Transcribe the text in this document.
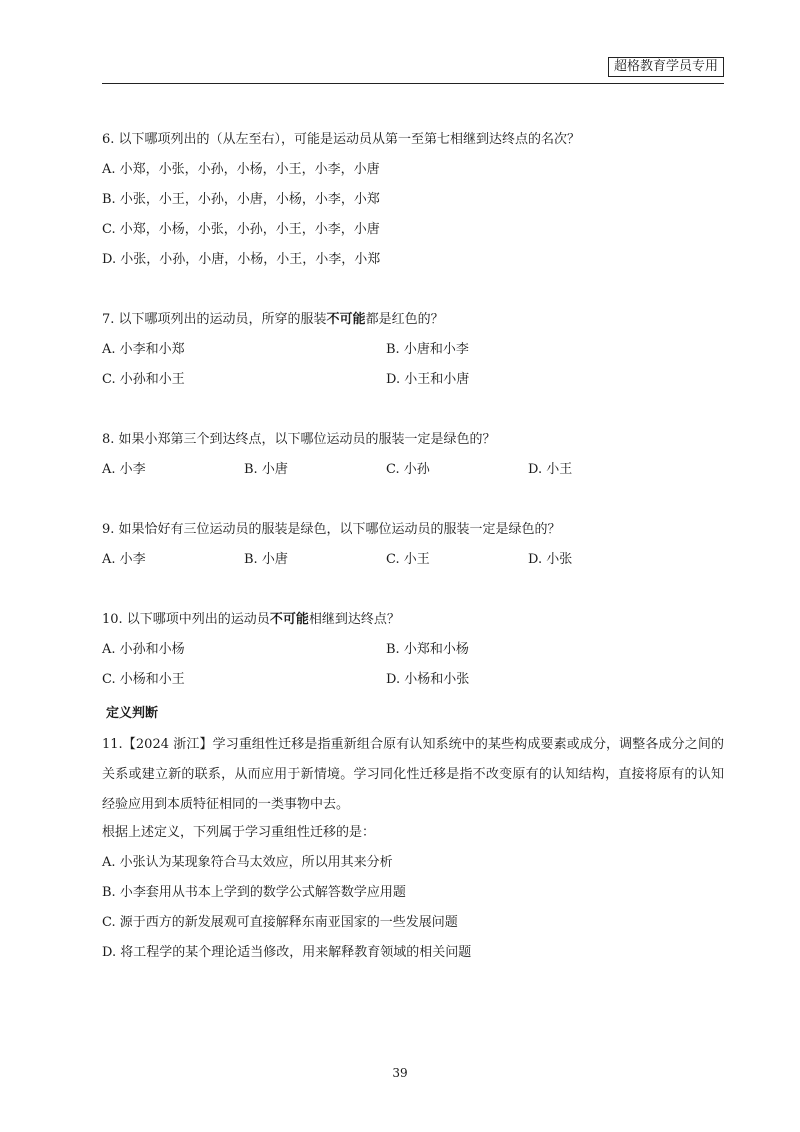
超格教育学员专用
6. 以下哪项列出的（从左至右），可能是运动员从第一至第七相继到达终点的名次？
A. 小郑，小张，小孙，小杨，小王，小李，小唐
B. 小张，小王，小孙，小唐，小杨，小李，小郑
C. 小郑，小杨，小张，小孙，小王，小李，小唐
D. 小张，小孙，小唐，小杨，小王，小李，小郑
7. 以下哪项列出的运动员，所穿的服装不可能都是红色的？
A. 小李和小郑	B. 小唐和小李
C. 小孙和小王	D. 小王和小唐
8. 如果小郑第三个到达终点，以下哪位运动员的服装一定是绿色的？
A. 小李	B. 小唐	C. 小孙	D. 小王
9. 如果恰好有三位运动员的服装是绿色，以下哪位运动员的服装一定是绿色的？
A. 小李	B. 小唐	C. 小王	D. 小张
10. 以下哪项中列出的运动员不可能相继到达终点？
A. 小孙和小杨	B. 小郑和小杨
C. 小杨和小王	D. 小杨和小张
定义判断
11.【2024 浙江】学习重组性迁移是指重新组合原有认知系统中的某些构成要素或成分，调整各成分之间的关系或建立新的联系，从而应用于新情境。学习同化性迁移是指不改变原有的认知结构，直接将原有的认知经验应用到本质特征相同的一类事物中去。
根据上述定义，下列属于学习重组性迁移的是：
A. 小张认为某现象符合马太效应，所以用其来分析
B. 小李套用从书本上学到的数学公式解答数学应用题
C. 源于西方的新发展观可直接解释东南亚国家的一些发展问题
D. 将工程学的某个理论适当修改，用来解释教育领域的相关问题
39
